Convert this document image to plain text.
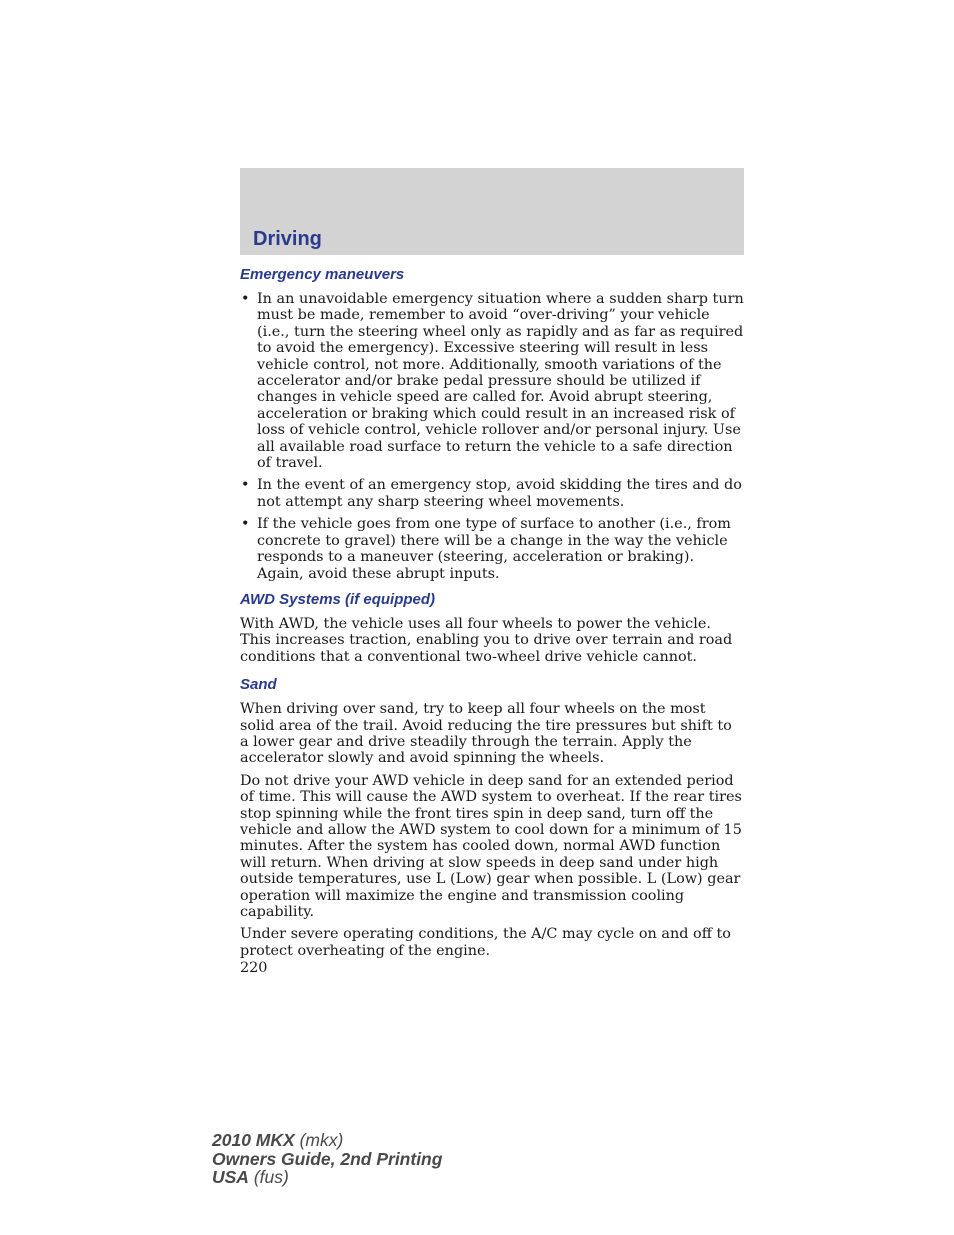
Driving
Emergency maneuvers
• In an unavoidable emergency situation where a sudden sharp turn must be made, remember to avoid “over-driving” your vehicle (i.e., turn the steering wheel only as rapidly and as far as required to avoid the emergency). Excessive steering will result in less vehicle control, not more. Additionally, smooth variations of the accelerator and/or brake pedal pressure should be utilized if changes in vehicle speed are called for. Avoid abrupt steering, acceleration or braking which could result in an increased risk of loss of vehicle control, vehicle rollover and/or personal injury. Use all available road surface to return the vehicle to a safe direction of travel.
• In the event of an emergency stop, avoid skidding the tires and do not attempt any sharp steering wheel movements.
• If the vehicle goes from one type of surface to another (i.e., from concrete to gravel) there will be a change in the way the vehicle responds to a maneuver (steering, acceleration or braking). Again, avoid these abrupt inputs.
AWD Systems (if equipped)

With AWD, the vehicle uses all four wheels to power the vehicle. This increases traction, enabling you to drive over terrain and road conditions that a conventional two-wheel drive vehicle cannot.

Sand

When driving over sand, try to keep all four wheels on the most solid area of the trail. Avoid reducing the tire pressures but shift to a lower gear and drive steadily through the terrain. Apply the accelerator slowly and avoid spinning the wheels.

Do not drive your AWD vehicle in deep sand for an extended period of time. This will cause the AWD system to overheat. If the rear tires stop spinning while the front tires spin in deep sand, turn off the vehicle and allow the AWD system to cool down for a minimum of 15 minutes. After the system has cooled down, normal AWD function will return. When driving at slow speeds in deep sand under high outside temperatures, use L (Low) gear when possible. L (Low) gear operation will maximize the engine and transmission cooling capability.

Under severe operating conditions, the A/C may cycle on and off to protect overheating of the engine.

220
2010 MKX (mkx)
Owners Guide, 2nd Printing
USA (fus)
